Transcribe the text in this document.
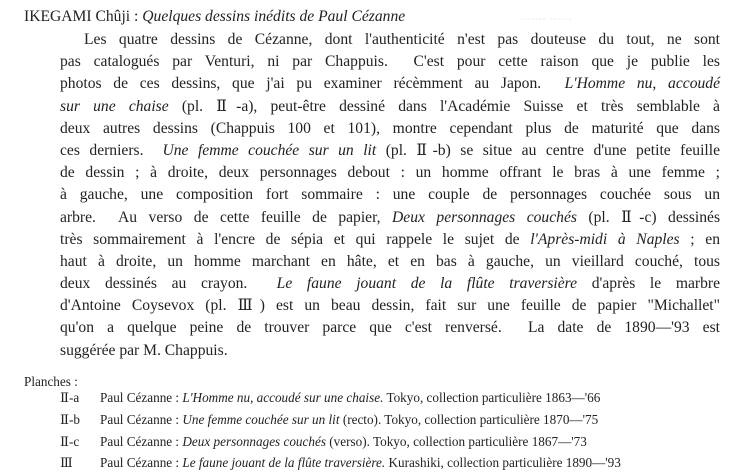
IKEGAMI Chûji : Quelques dessins inédits de Paul Cézanne	....... ......
Les quatre dessins de Cézanne, dont l'authenticité n'est pas douteuse du tout, ne sont
pas catalogués par Venturi, ni par Chappuis.  C'est pour cette raison que je publie les
photos de ces dessins, que j'ai pu examiner récèmment au Japon.  L'Homme nu, accoudé
sur une chaise (pl. Ⅱ-a), peut-être dessiné dans l'Académie Suisse et très semblable à
deux autres dessins (Chappuis 100 et 101), montre cependant plus de maturité que dans
ces derniers.  Une femme couchée sur un lit (pl. Ⅱ-b) se situe au centre d'une petite feuille
de dessin ; à droite, deux personnages debout : un homme offrant le bras à une femme ;
à gauche, une composition fort sommaire : une couple de personnages couchée sous un
arbre.  Au verso de cette feuille de papier, Deux personnages couchés (pl. Ⅱ-c) dessinés
très sommairement à l'encre de sépia et qui rappele le sujet de l'Après-midi à Naples ; en
haut à droite, un homme marchant en hâte, et en bas à gauche, un vieillard couché, tous
deux dessinés au crayon.  Le faune jouant de la flûte traversière d'après le marbre
d'Antoine Coysevox (pl. Ⅲ) est un beau dessin, fait sur une feuille de papier "Michallet"
qu'on a quelque peine de trouver parce que c'est renversé.  La date de 1890—'93 est
suggérée par M. Chappuis.
Planches :
Ⅱ-a Paul Cézanne : L'Homme nu, accoudé sur une chaise. Tokyo, collection particulière 1863—'66
Ⅱ-b Paul Cézanne : Une femme couchée sur un lit (recto). Tokyo, collection particulière 1870—'75
Ⅱ-c Paul Cézanne : Deux personnages couchés (verso). Tokyo, collection particulière 1867—'73
Ⅲ Paul Cézanne : Le faune jouant de la flûte traversière. Kurashiki, collection particulière 1890—'93
